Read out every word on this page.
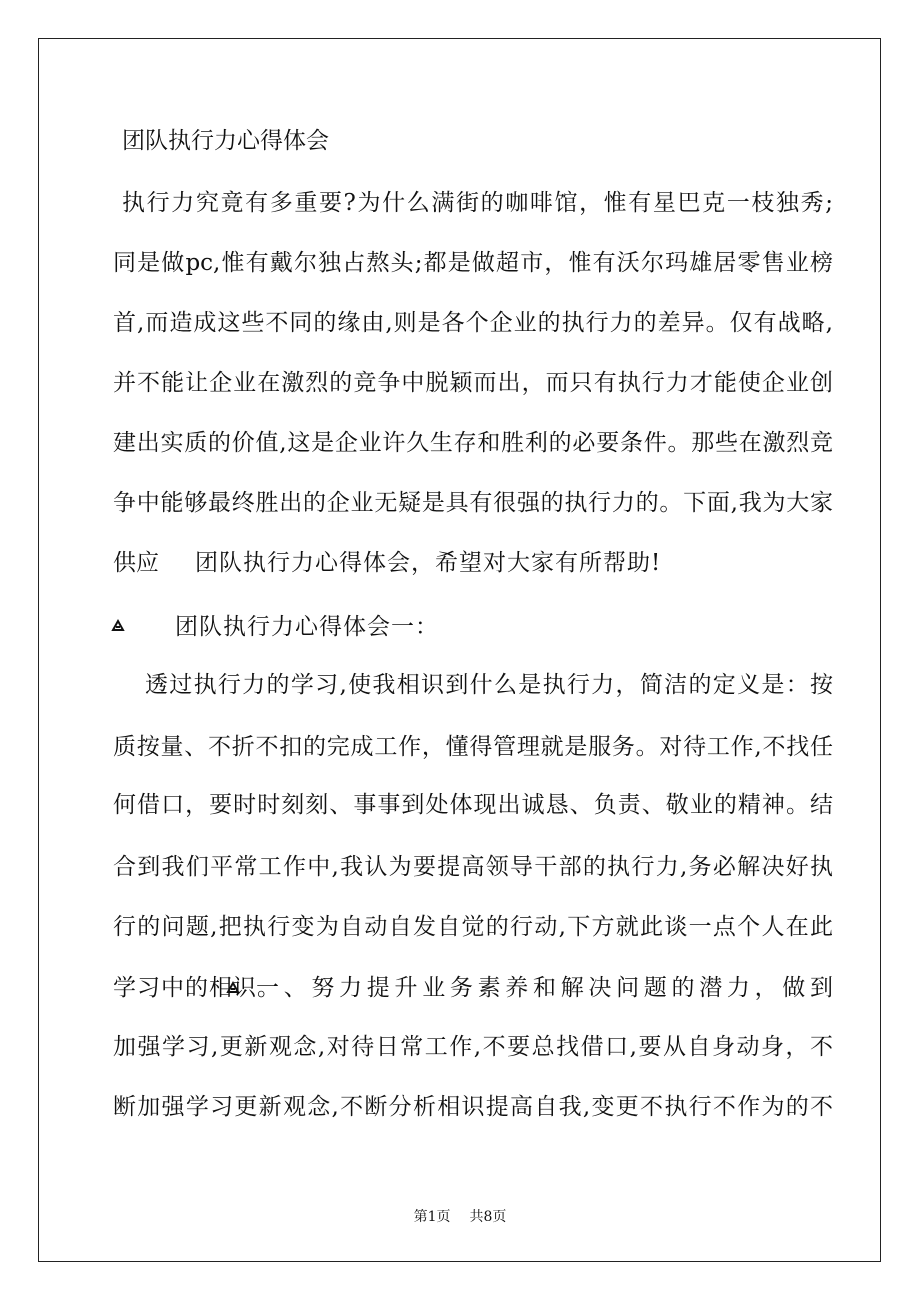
团队执行力心得体会
执行力究竟有多重要?为什么满街的咖啡馆，惟有星巴克一枝独秀;
同是做pc,惟有戴尔独占熬头;都是做超市，惟有沃尔玛雄居零售业榜
首,而造成这些不同的缘由,则是各个企业的执行力的差异。仅有战略,
并不能让企业在激烈的竞争中脱颖而出，而只有执行力才能使企业创
建出实质的价值,这是企业许久生存和胜利的必要条件。那些在激烈竞
争中能够最终胜出的企业无疑是具有很强的执行力的。下面,我为大家
供应 团队执行力心得体会，希望对大家有所帮助!
团队执行力心得体会一：
透过执行力的学习,使我相识到什么是执行力，简洁的定义是：按
质按量、不折不扣的完成工作，懂得管理就是服务。对待工作,不找任
何借口，要时时刻刻、事事到处体现出诚恳、负责、敬业的精神。结
合到我们平常工作中,我认为要提高领导干部的执行力,务必解决好执
行的问题,把执行变为自动自发自觉的行动,下方就此谈一点个人在此
学习中的相识。
一、努力提升业务素养和解决问题的潜力，做到
加强学习,更新观念,对待日常工作,不要总找借口,要从自身动身，不
断加强学习更新观念,不断分析相识提高自我,变更不执行不作为的不
第1页 共8页
